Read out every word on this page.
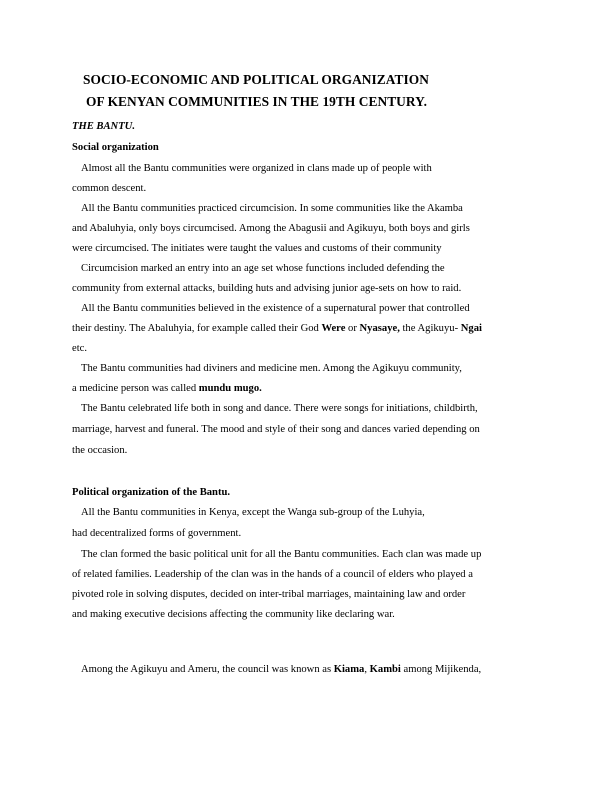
SOCIO-ECONOMIC AND POLITICAL ORGANIZATION
OF KENYAN COMMUNITIES IN THE 19TH CENTURY.
THE BANTU.
Social organization
Almost all the Bantu communities were organized in clans made up of people with
common descent.
All the Bantu communities practiced circumcision. In some communities like the Akamba
and Abaluhyia, only boys circumcised. Among the Abagusii and Agikuyu, both boys and girls
were circumcised. The initiates were taught the values and customs of their community
Circumcision marked an entry into an age set whose functions included defending the
community from external attacks, building huts and advising junior age-sets on how to raid.
All the Bantu communities believed in the existence of a supernatural power that controlled
their destiny. The Abaluhyia, for example called their God Were or Nyasaye, the Agikuyu- Ngai
etc.
The Bantu communities had diviners and medicine men. Among the Agikuyu community,
a medicine person was called mundu mugo.
The Bantu celebrated life both in song and dance. There were songs for initiations, childbirth,
marriage, harvest and funeral. The mood and style of their song and dances varied depending on
the occasion.
Political organization of the Bantu.
All the Bantu communities in Kenya, except the Wanga sub-group of the Luhyia,
had decentralized forms of government.
The clan formed the basic political unit for all the Bantu communities. Each clan was made up
of related families. Leadership of the clan was in the hands of a council of elders who played a
pivoted role in solving disputes, decided on inter-tribal marriages, maintaining law and order
and making executive decisions affecting the community like declaring war.
Among the Agikuyu and Ameru, the council was known as Kiama, Kambi among Mijikenda,
